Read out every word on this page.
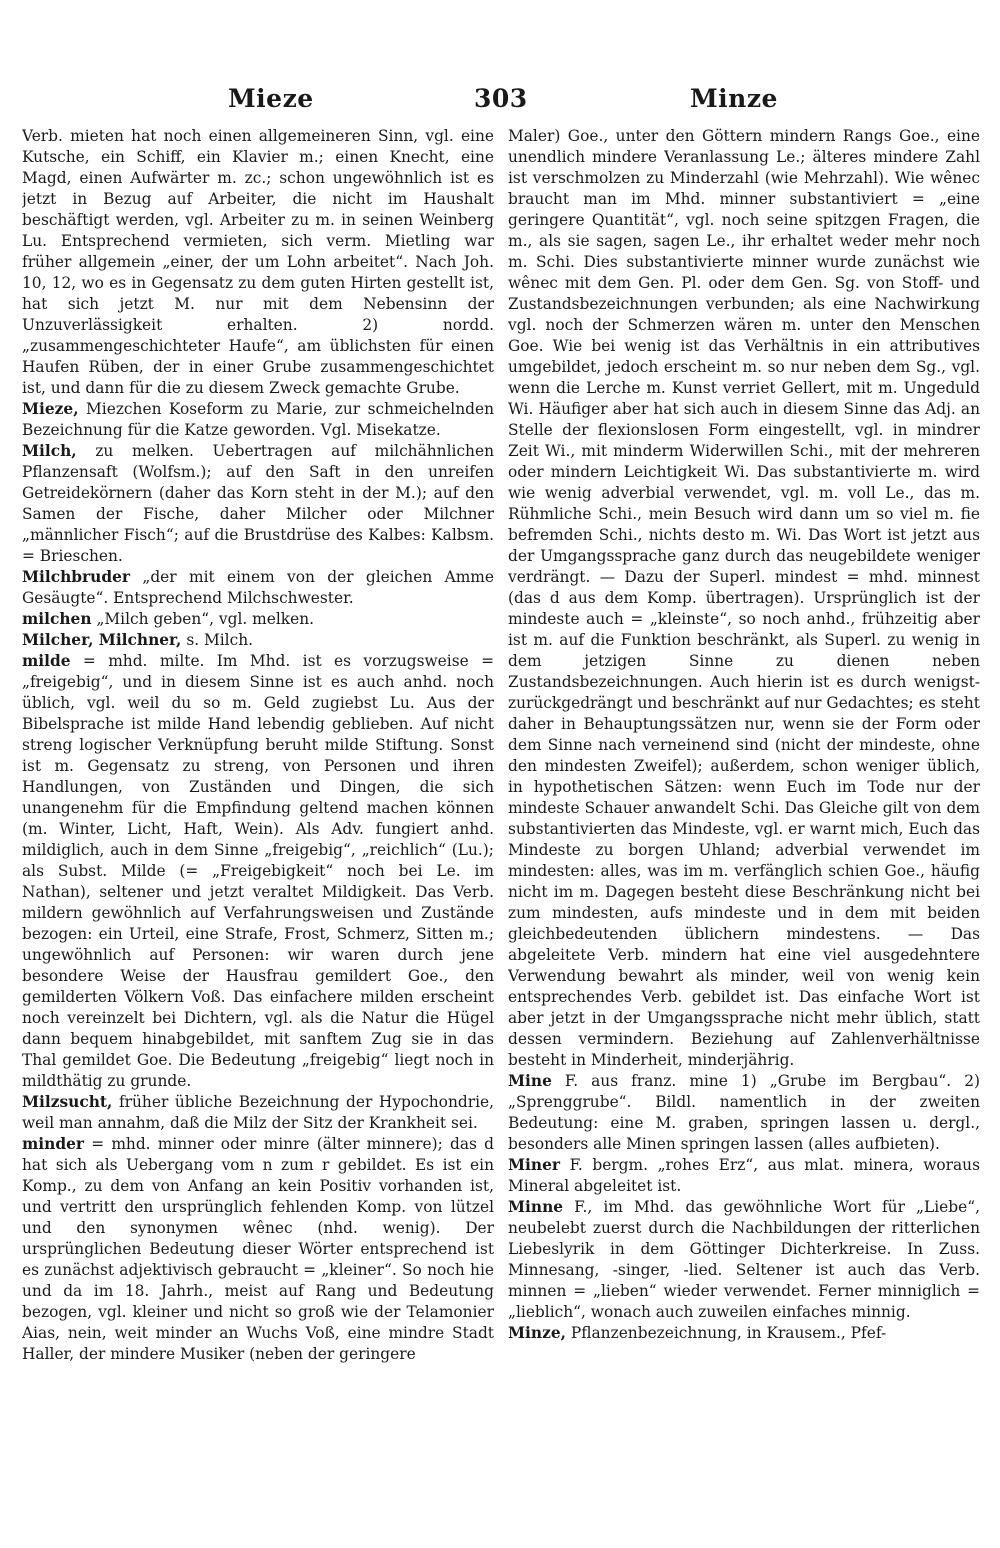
Mieze	303	Minze

Verb. mieten hat noch einen allgemeineren Sinn, vgl. eine Kutsche, ein Schiff, ein Klavier m.; einen Knecht, eine Magd, einen Aufwärter m. zc.; schon ungewöhnlich ist es jetzt in Bezug auf Arbeiter, die nicht im Haushalt beschäftigt werden, vgl. Arbeiter zu m. in seinen Weinberg Lu. Entsprechend vermieten, sich verm. Mietling war früher allgemein „einer, der um Lohn arbeitet“. Nach Joh. 10, 12, wo es in Gegensatz zu dem guten Hirten gestellt ist, hat sich jetzt M. nur mit dem Nebensinn der Unzuverlässigkeit erhalten. 2) nordd. „zusammengeschichteter Haufe“, am üblichsten für einen Haufen Rüben, der in einer Grube zusammengeschichtet ist, und dann für die zu diesem Zweck gemachte Grube.

Mieze, Miezchen Koseform zu Marie, zur schmeichelnden Bezeichnung für die Katze geworden. Vgl. Misekatze.

Milch, zu melken. Uebertragen auf milchähnlichen Pflanzensaft (Wolfsm.); auf den Saft in den unreifen Getreidekörnern (daher das Korn steht in der M.); auf den Samen der Fische, daher Milcher oder Milchner „männlicher Fisch“; auf die Brustdrüse des Kalbes: Kalbsm. = Brieschen.

Milchbruder „der mit einem von der gleichen Amme Gesäugte“. Entsprechend Milchschwester.

milchen „Milch geben“, vgl. melken.

Milcher, Milchner, s. Milch.

milde = mhd. milte. Im Mhd. ist es vorzugsweise = „freigebig“, und in diesem Sinne ist es auch anhd. noch üblich, vgl. weil du so m. Geld zugiebst Lu. Aus der Bibelsprache ist milde Hand lebendig geblieben. Auf nicht streng logischer Verknüpfung beruht milde Stiftung. Sonst ist m. Gegensatz zu streng, von Personen und ihren Handlungen, von Zuständen und Dingen, die sich unangenehm für die Empfindung geltend machen können (m. Winter, Licht, Haft, Wein). Als Adv. fungiert anhd. mildiglich, auch in dem Sinne „freigebig“, „reichlich“ (Lu.); als Subst. Milde (= „Freigebigkeit“ noch bei Le. im Nathan), seltener und jetzt veraltet Mildigkeit. Das Verb. mildern gewöhnlich auf Verfahrungsweisen und Zustände bezogen: ein Urteil, eine Strafe, Frost, Schmerz, Sitten m.; ungewöhnlich auf Personen: wir waren durch jene besondere Weise der Hausfrau gemildert Goe., den gemilderten Völkern Voß. Das einfachere milden erscheint noch vereinzelt bei Dichtern, vgl. als die Natur die Hügel dann bequem hinabgebildet, mit sanftem Zug sie in das Thal gemildet Goe. Die Bedeutung „freigebig“ liegt noch in mildthätig zu grunde.

Milzsucht, früher übliche Bezeichnung der Hypochondrie, weil man annahm, daß die Milz der Sitz der Krankheit sei.

minder = mhd. minner oder minre (älter minnere); das d hat sich als Uebergang vom n zum r gebildet. Es ist ein Komp., zu dem von Anfang an kein Positiv vorhanden ist, und vertritt den ursprünglich fehlenden Komp. von lützel und den synonymen wênec (nhd. wenig). Der ursprünglichen Bedeutung dieser Wörter entsprechend ist es zunächst adjektivisch gebraucht = „kleiner“. So noch hie und da im 18. Jahrh., meist auf Rang und Bedeutung bezogen, vgl. kleiner und nicht so groß wie der Telamonier Aias, nein, weit minder an Wuchs Voß, eine mindre Stadt Haller, der mindere Musiker (neben der geringere

Maler) Goe., unter den Göttern mindern Rangs Goe., eine unendlich mindere Veranlassung Le.; älteres mindere Zahl ist verschmolzen zu Minderzahl (wie Mehrzahl). Wie wênec braucht man im Mhd. minner substantiviert = „eine geringere Quantität“, vgl. noch seine spitzgen Fragen, die m., als sie sagen, sagen Le., ihr erhaltet weder mehr noch m. Schi. Dies substantivierte minner wurde zunächst wie wênec mit dem Gen. Pl. oder dem Gen. Sg. von Stoff- und Zustandsbezeichnungen verbunden; als eine Nachwirkung vgl. noch der Schmerzen wären m. unter den Menschen Goe. Wie bei wenig ist das Verhältnis in ein attributives umgebildet, jedoch erscheint m. so nur neben dem Sg., vgl. wenn die Lerche m. Kunst verriet Gellert, mit m. Ungeduld Wi. Häufiger aber hat sich auch in diesem Sinne das Adj. an Stelle der flexionslosen Form eingestellt, vgl. in mindrer Zeit Wi., mit minderm Widerwillen Schi., mit der mehreren oder mindern Leichtigkeit Wi. Das substantivierte m. wird wie wenig adverbial verwendet, vgl. m. voll Le., das m. Rühmliche Schi., mein Besuch wird dann um so viel m. fie befremden Schi., nichts desto m. Wi. Das Wort ist jetzt aus der Umgangssprache ganz durch das neugebildete weniger verdrängt. — Dazu der Superl. mindest = mhd. minnest (das d aus dem Komp. übertragen). Ursprünglich ist der mindeste auch = „kleinste“, so noch anhd., frühzeitig aber ist m. auf die Funktion beschränkt, als Superl. zu wenig in dem jetzigen Sinne zu dienen neben Zustandsbezeichnungen. Auch hierin ist es durch wenigst- zurückgedrängt und beschränkt auf nur Gedachtes; es steht daher in Behauptungssätzen nur, wenn sie der Form oder dem Sinne nach verneinend sind (nicht der mindeste, ohne den mindesten Zweifel); außerdem, schon weniger üblich, in hypothetischen Sätzen: wenn Euch im Tode nur der mindeste Schauer anwandelt Schi. Das Gleiche gilt von dem substantivierten das Mindeste, vgl. er warnt mich, Euch das Mindeste zu borgen Uhland; adverbial verwendet im mindesten: alles, was im m. verfänglich schien Goe., häufig nicht im m. Dagegen besteht diese Beschränkung nicht bei zum mindesten, aufs mindeste und in dem mit beiden gleichbedeutenden üblichern mindestens. — Das abgeleitete Verb. mindern hat eine viel ausgedehntere Verwendung bewahrt als minder, weil von wenig kein entsprechendes Verb. gebildet ist. Das einfache Wort ist aber jetzt in der Umgangssprache nicht mehr üblich, statt dessen vermindern. Beziehung auf Zahlenverhältnisse besteht in Minderheit, minderjährig.

Mine F. aus franz. mine 1) „Grube im Bergbau“. 2) „Sprenggrube“. Bildl. namentlich in der zweiten Bedeutung: eine M. graben, springen lassen u. dergl., besonders alle Minen springen lassen (alles aufbieten).

Miner F. bergm. „rohes Erz“, aus mlat. minera, woraus Mineral abgeleitet ist.

Minne F., im Mhd. das gewöhnliche Wort für „Liebe“, neubelebt zuerst durch die Nachbildungen der ritterlichen Liebeslyrik in dem Göttinger Dichterkreise. In Zuss. Minnesang, -singer, -lied. Seltener ist auch das Verb. minnen = „lieben“ wieder verwendet. Ferner minniglich = „lieblich“, wonach auch zuweilen einfaches minnig.

Minze, Pflanzenbezeichnung, in Krausem., Pfef-
